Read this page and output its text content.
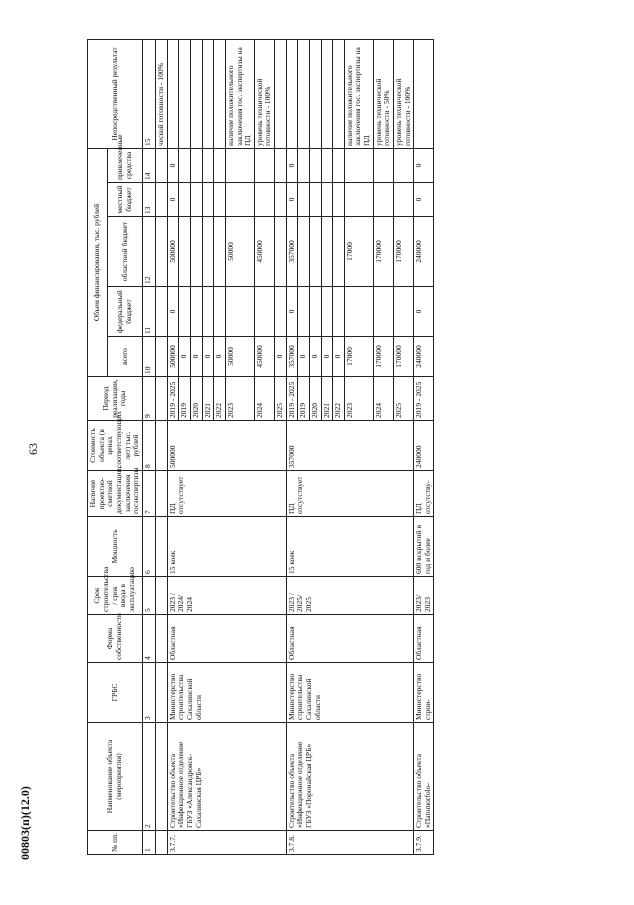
63
00803(п)(12.0)	№ пп.	Наименование объекта (мероприятия)	ГРБС	Форма собственности	Срок строительства / срок ввода в эксплуатацию	Мощность	Наличие проектно-сметной документации, заключения госэкспертизы	Стоимость объекта (в ценах соответствующих лет) тыс. рублей	Период реализации, годы	Объем финансирования, тыс. рублей					Непосредственный результат
									всего	федеральный бюджет	областной бюджет	местный бюджет	привлеченные средства	
1	2	3	4	5	6	7	8	9	10	11	12	13	14	15
														ческой готовности - 100%
3.7.7.	Строительство объекта «Инфекционное отделение ГБУЗ «Александровск-Сахалинская ЦРБ»	Министерство строительства Сахалинской области	Областная	2023 / 2024/ 2024	15 коек	ПД отсутствует	500000	2019 - 2025	500000	0	500000	0	0	
								2019	0					
								2020	0					
								2021	0					
								2022	0					
								2023	50000		50000			наличие положительного заключения гос. экспертизы на ПД
								2024	450000		450000			уровень технической готовности - 100%
								2025	0					
3.7.8.	Строительство объекта «Инфекционное отделение ГБУЗ «Поронайская ЦРБ»	Министерство строительства Сахалинской области	Областная	2023 / 2025/ 2025	15 коек	ПД отсутствует	357000	2019 - 2025	357000	0	357000	0	0	
								2019	0					
								2020	0					
								2021	0					
								2022	0					
								2023	17000		17000			наличие положительного заключения гос. экспертизы на ПД
								2024	170000		170000			уровень технической готовности - 50%
								2025	170000		170000			уровень технической готовности - 100%
3.7.9.	Строительство объекта «Пatomorfolo-	Министерство строи-	Областная	2023/ 2023	600 вскрытий в год и более	ПД отсутству-	240000	2019 - 2025	240000	0	240000	0	0	
